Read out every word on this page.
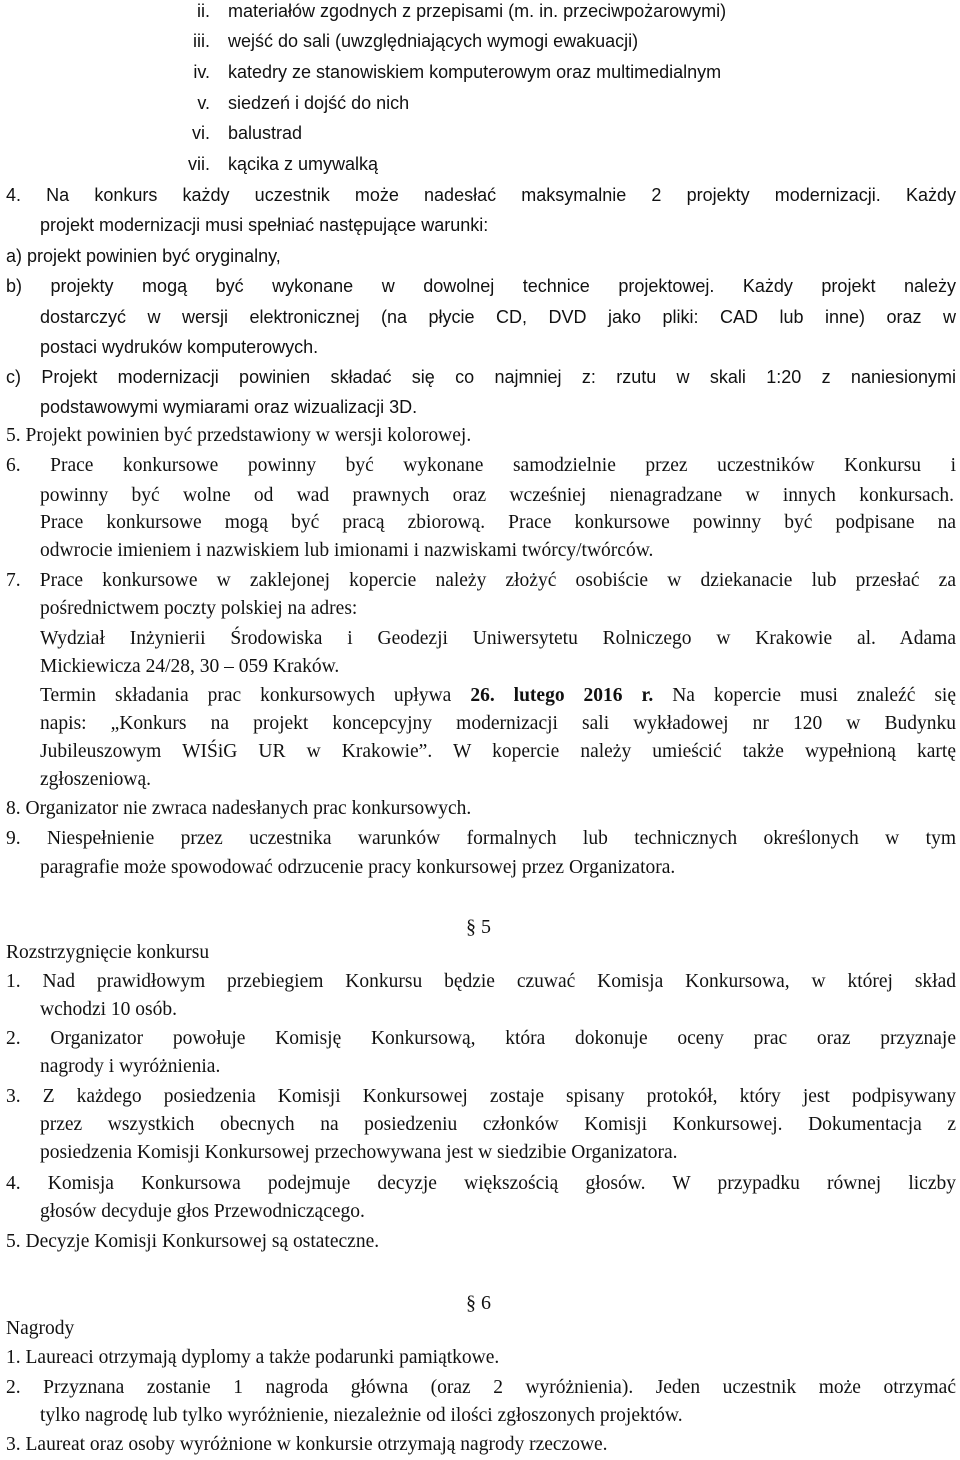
ii. materiałów zgodnych z przepisami (m. in. przeciwpożarowymi)
iii. wejść do sali (uwzględniających wymogi ewakuacji)
iv. katedry ze stanowiskiem komputerowym oraz multimedialnym
v. siedzeń i dojść do nich
vi. balustrad
vii. kącika z umywalką
4. Na konkurs każdy uczestnik może nadesłać maksymalnie 2 projekty modernizacji. Każdy
projekt modernizacji musi spełniać następujące warunki:
a) projekt powinien być oryginalny,
b) projekty mogą być wykonane w dowolnej technice projektowej. Każdy projekt należy
dostarczyć w wersji elektronicznej (na płycie CD, DVD jako pliki: CAD lub inne) oraz w
postaci wydruków komputerowych.
c) Projekt modernizacji powinien składać się co najmniej z: rzutu w skali 1:20 z naniesionymi
podstawowymi wymiarami oraz wizualizacji 3D.
5. Projekt powinien być przedstawiony w wersji kolorowej.
6. Prace konkursowe powinny być wykonane samodzielnie przez uczestników Konkursu i
powinny być wolne od wad prawnych oraz wcześniej nienagradzane w innych konkursach.
Prace konkursowe mogą być pracą zbiorową. Prace konkursowe powinny być podpisane na
odwrocie imieniem i nazwiskiem lub imionami i nazwiskami twórcy/twórców.
7. Prace konkursowe w zaklejonej kopercie należy złożyć osobiście w dziekanacie lub przesłać za
pośrednictwem poczty polskiej na adres:
Wydział Inżynierii Środowiska i Geodezji Uniwersytetu Rolniczego w Krakowie al. Adama
Mickiewicza 24/28, 30 – 059 Kraków.
Termin składania prac konkursowych upływa 26. lutego 2016 r. Na kopercie musi znaleźć się
napis: „Konkurs na projekt koncepcyjny modernizacji sali wykładowej nr 120 w Budynku
Jubileuszowym WIŚiG UR w Krakowie”. W kopercie należy umieścić także wypełnioną kartę
zgłoszeniową.
8. Organizator nie zwraca nadesłanych prac konkursowych.
9. Niespełnienie przez uczestnika warunków formalnych lub technicznych określonych w tym
paragrafie może spowodować odrzucenie pracy konkursowej przez Organizatora.
§ 5
Rozstrzygnięcie konkursu
1. Nad prawidłowym przebiegiem Konkursu będzie czuwać Komisja Konkursowa, w której skład
wchodzi 10 osób.
2. Organizator powołuje Komisję Konkursową, która dokonuje oceny prac oraz przyznaje
nagrody i wyróżnienia.
3. Z każdego posiedzenia Komisji Konkursowej zostaje spisany protokół, który jest podpisywany
przez wszystkich obecnych na posiedzeniu członków Komisji Konkursowej. Dokumentacja z
posiedzenia Komisji Konkursowej przechowywana jest w siedzibie Organizatora.
4. Komisja Konkursowa podejmuje decyzje większością głosów. W przypadku równej liczby
głosów decyduje głos Przewodniczącego.
5. Decyzje Komisji Konkursowej są ostateczne.
§ 6
Nagrody
1. Laureaci otrzymają dyplomy a także podarunki pamiątkowe.
2. Przyznana zostanie 1 nagroda główna (oraz 2 wyróżnienia). Jeden uczestnik może otrzymać
tylko nagrodę lub tylko wyróżnienie, niezależnie od ilości zgłoszonych projektów.
3. Laureat oraz osoby wyróżnione w konkursie otrzymają nagrody rzeczowe.
